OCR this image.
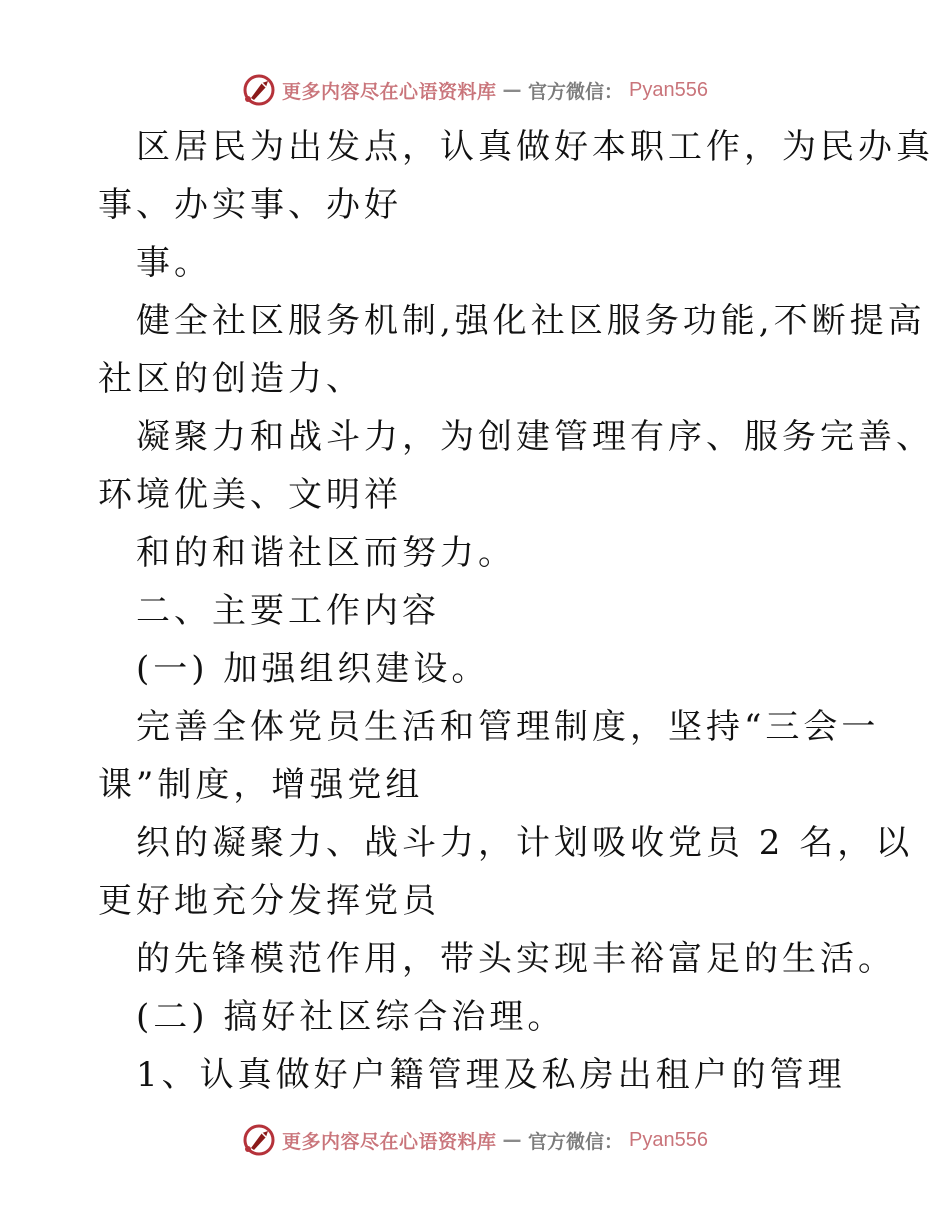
更多内容尽在心语资料库 — 官方微信： Pyan556
区居民为出发点，认真做好本职工作，为民办真
事、办实事、办好
事。
健全社区服务机制,强化社区服务功能,不断提高
社区的创造力、
凝聚力和战斗力，为创建管理有序、服务完善、
环境优美、文明祥
和的和谐社区而努力。
二、主要工作内容
(一) 加强组织建设。
完善全体党员生活和管理制度，坚持“三会一
课”制度，增强党组
织的凝聚力、战斗力，计划吸收党员 2 名，以
更好地充分发挥党员
的先锋模范作用，带头实现丰裕富足的生活。
(二) 搞好社区综合治理。
1、认真做好户籍管理及私房出租户的管理
更多内容尽在心语资料库 — 官方微信： Pyan556
